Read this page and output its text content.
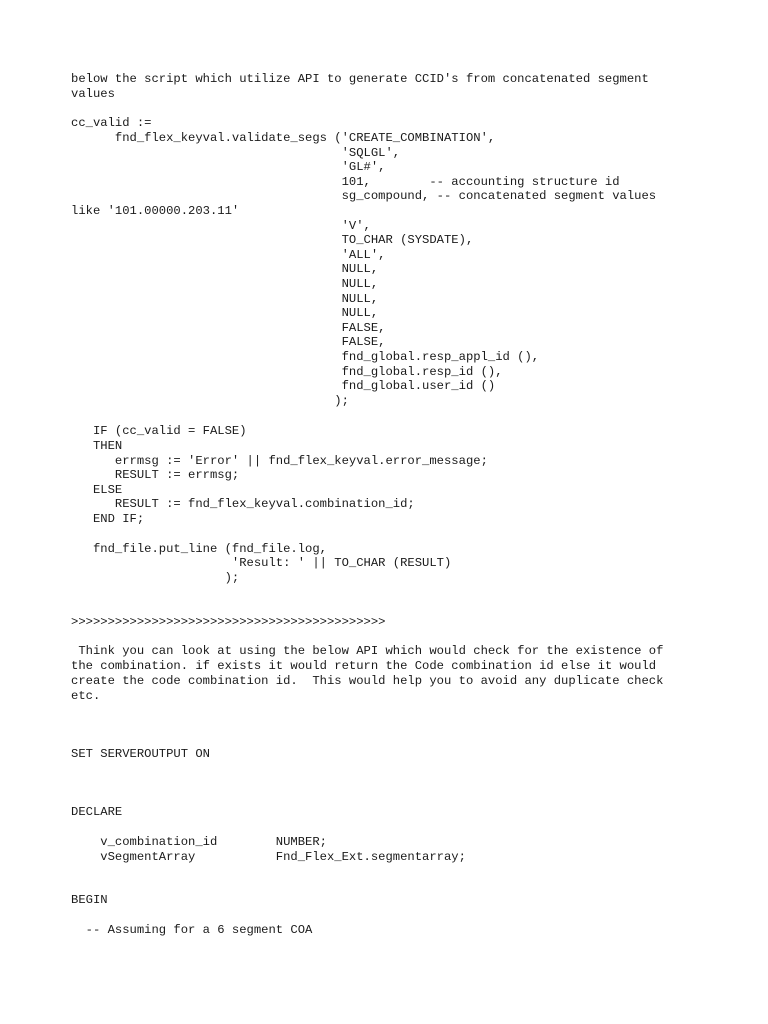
below the script which utilize API to generate CCID's from concatenated segment
values
cc_valid :=
fnd_flex_keyval.validate_segs ('CREATE_COMBINATION',
'SQLGL',
'GL#',
101,        -- accounting structure id
sg_compound, -- concatenated segment values
like '101.00000.203.11'
'V',
TO_CHAR (SYSDATE),
'ALL',
NULL,
NULL,
NULL,
NULL,
FALSE,
FALSE,
fnd_global.resp_appl_id (),
fnd_global.resp_id (),
fnd_global.user_id ()
);
IF (cc_valid = FALSE)
THEN
errmsg := 'Error' || fnd_flex_keyval.error_message;
RESULT := errmsg;
ELSE
RESULT := fnd_flex_keyval.combination_id;
END IF;
fnd_file.put_line (fnd_file.log,
'Result: ' || TO_CHAR (RESULT)
);
>>>>>>>>>>>>>>>>>>>>>>>>>>>>>>>>>>>>>>>>>>>
Think you can look at using the below API which would check for the existence of
the combination. if exists it would return the Code combination id else it would
create the code combination id.  This would help you to avoid any duplicate check
etc.
SET SERVEROUTPUT ON
DECLARE
v_combination_id        NUMBER;
vSegmentArray           Fnd_Flex_Ext.segmentarray;
BEGIN
-- Assuming for a 6 segment COA
